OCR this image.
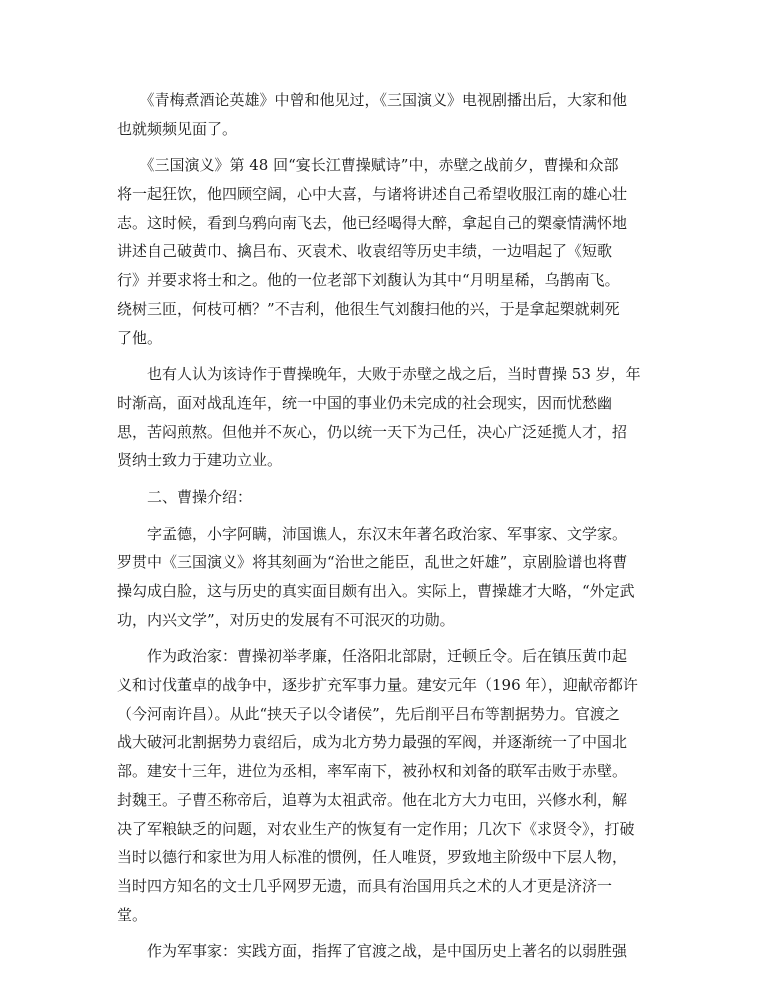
　　《青梅煮酒论英雄》中曾和他见过，《三国演义》电视剧播出后，大家和他
也就频频见面了。
　　《三国演义》第 48 回“宴长江曹操赋诗”中，赤壁之战前夕，曹操和众部
将一起狂饮，他四顾空阔，心中大喜，与诸将讲述自己希望收服江南的雄心壮
志。这时候，看到乌鸦向南飞去，他已经喝得大醉，拿起自己的槊豪情满怀地
讲述自己破黄巾、擒吕布、灭袁术、收袁绍等历史丰绩，一边唱起了《短歌
行》并要求将士和之。他的一位老部下刘馥认为其中“月明星稀，乌鹊南飞。
绕树三匝，何枝可栖？”不吉利，他很生气刘馥扫他的兴，于是拿起槊就刺死
了他。
　　也有人认为该诗作于曹操晚年，大败于赤壁之战之后，当时曹操 53 岁，年
时渐高，面对战乱连年，统一中国的事业仍未完成的社会现实，因而忧愁幽
思，苦闷煎熬。但他并不灰心，仍以统一天下为己任，决心广泛延揽人才，招
贤纳士致力于建功立业。
　　二、曹操介绍：
　　字孟德，小字阿瞒，沛国谯人，东汉末年著名政治家、军事家、文学家。
罗贯中《三国演义》将其刻画为“治世之能臣，乱世之奸雄”，京剧脸谱也将曹
操勾成白脸，这与历史的真实面目颇有出入。实际上，曹操雄才大略，“外定武
功，内兴文学”，对历史的发展有不可泯灭的功勋。
　　作为政治家：曹操初举孝廉，任洛阳北部尉，迁顿丘令。后在镇压黄巾起
义和讨伐董卓的战争中，逐步扩充军事力量。建安元年（196 年），迎献帝都许
（今河南许昌）。从此“挟天子以令诸侯”，先后削平吕布等割据势力。官渡之
战大破河北割据势力袁绍后，成为北方势力最强的军阀，并逐渐统一了中国北
部。建安十三年，进位为丞相，率军南下，被孙权和刘备的联军击败于赤壁。
封魏王。子曹丕称帝后，追尊为太祖武帝。他在北方大力屯田，兴修水利，解
决了军粮缺乏的问题，对农业生产的恢复有一定作用；几次下《求贤令》，打破
当时以德行和家世为用人标准的惯例，任人唯贤，罗致地主阶级中下层人物，
当时四方知名的文士几乎网罗无遗，而具有治国用兵之术的人才更是济济一
堂。
　　作为军事家：实践方面，指挥了官渡之战，是中国历史上著名的以弱胜强
